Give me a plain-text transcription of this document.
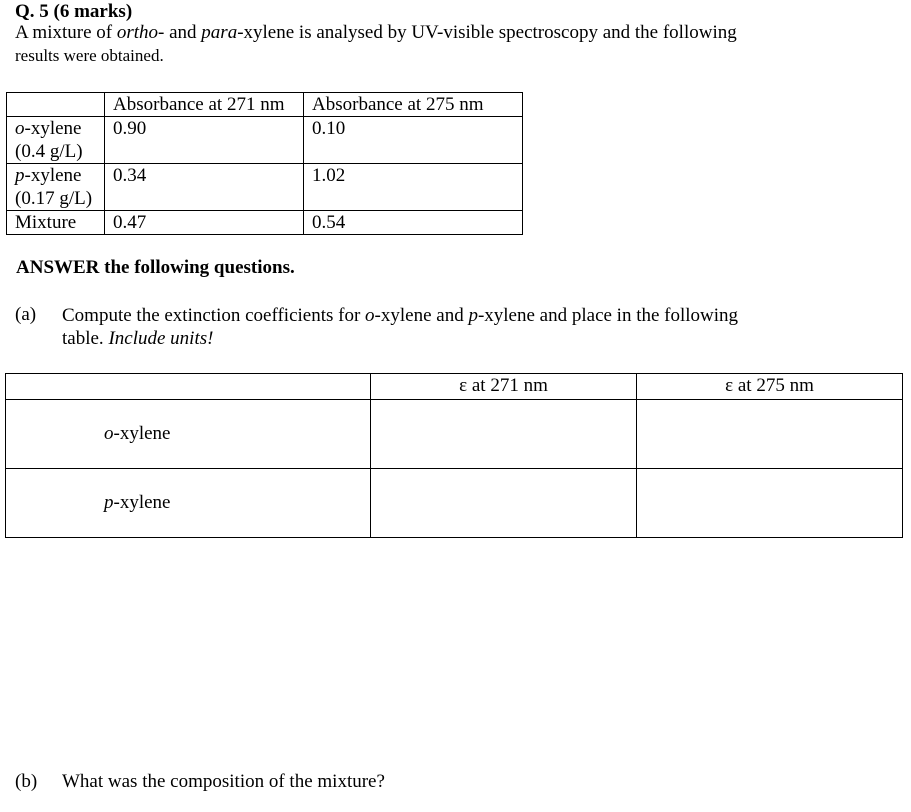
Q. 5 (6 marks)
A mixture of ortho- and para-xylene is analysed by UV-visible spectroscopy and the following
results were obtained.
	Absorbance at 271 nm	Absorbance at 275 nm
o-xylene
(0.4 g/L)	0.90	0.10
p-xylene
(0.17 g/L)	0.34	1.02
Mixture	0.47	0.54
ANSWER the following questions.
(a) Compute the extinction coefficients for o-xylene and p-xylene and place in the following
table. Include units!
	ε at 271 nm	ε at 275 nm
o-xylene		
p-xylene		
(b) What was the composition of the mixture?
